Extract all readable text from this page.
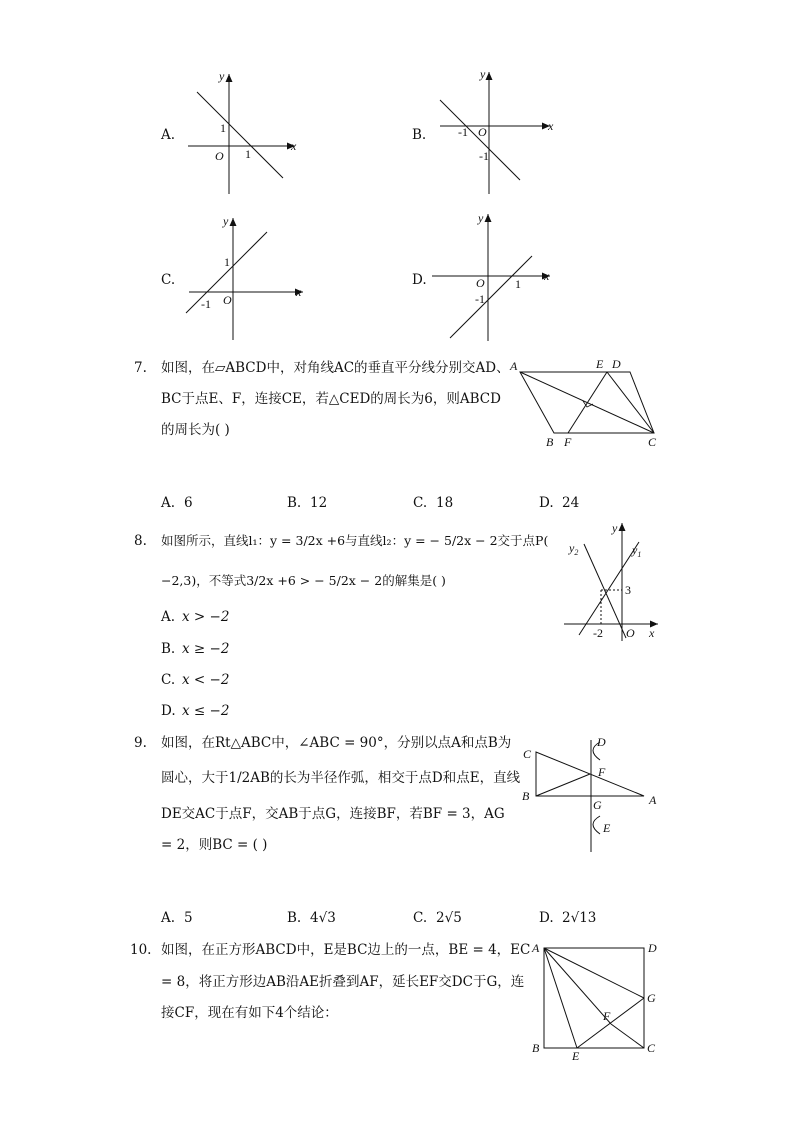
A.
y
x
O
1
1
B.
y
x
O
-1
-1
C.
y
x
O
1
-1
D.
y
x
O	1
-1
7. 如图，在▱ABCD中，对角线AC的垂直平分线分别交AD、
BC于点E、F，连接CE，若△CED的周长为6，则ABCD
的周长为( )
A	E D
B F	C
A. 6	B. 12	C. 18	D. 24
8. 如图所示，直线l₁：y = 3/2x +6与直线l₂：y = − 5/2x − 2交于点P(
−2,3)，不等式3/2x +6 > − 5/2x − 2的解集是( )
y
$y_2$	$y_1$
3
-2 O x
A. x > −2
B. x ≥ −2
C. x < −2
D. x ≤ −2
9. 如图，在Rt△ABC中，∠ABC = 90°，分别以点A和点B为
圆心，大于1/2AB的长为半径作弧，相交于点D和点E，直线
DE交AC于点F，交AB于点G，连接BF，若BF = 3，AG
= 2，则BC = ( )
C
D
F
B
G	A
E
A. 5	B. 4√3	C. 2√5	D. 2√13
10. 如图，在正方形ABCD中，E是BC边上的一点，BE = 4，EC
= 8，将正方形边AB沿AE折叠到AF，延长EF交DC于G，连
接CF，现在有如下4个结论：
A	D
G
F
B
E
C
